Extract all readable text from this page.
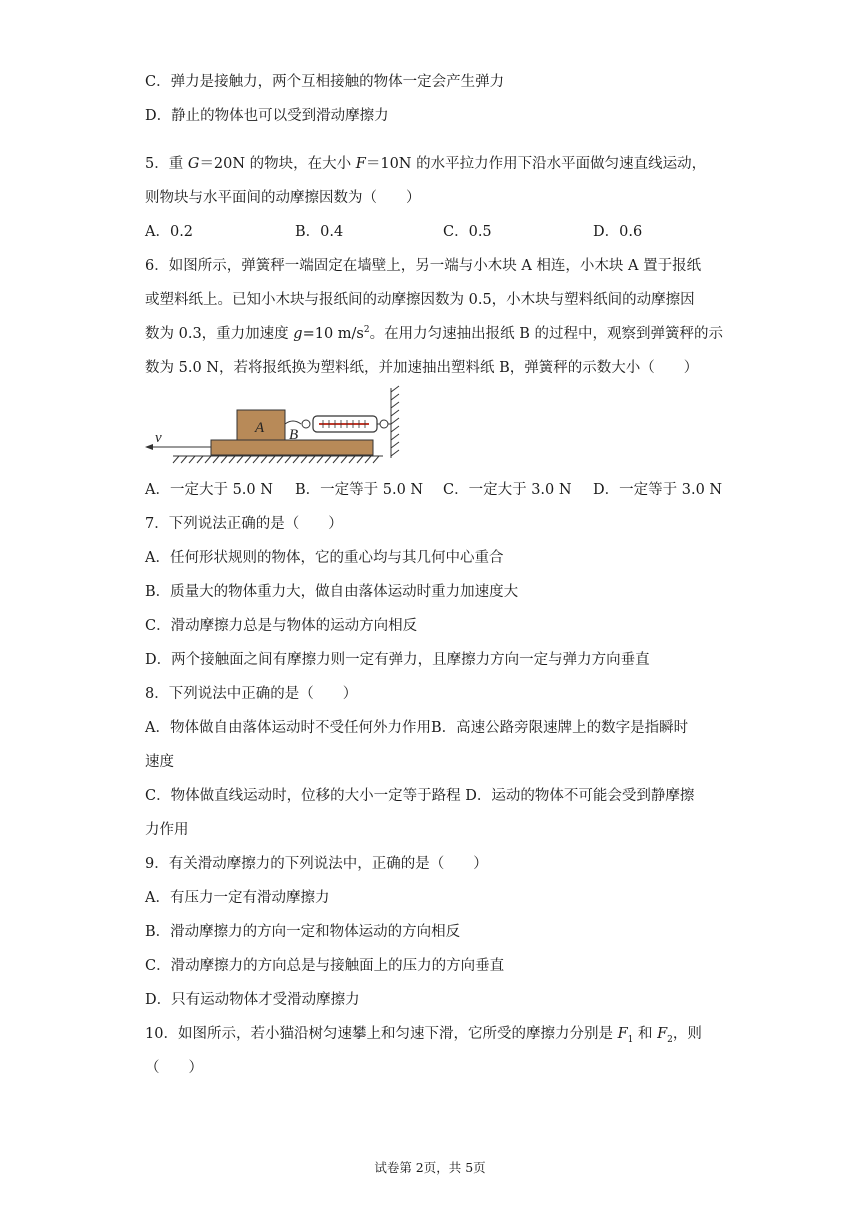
C．弹力是接触力，两个互相接触的物体一定会产生弹力
D．静止的物体也可以受到滑动摩擦力
5．重 G＝20N 的物块，在大小 F＝10N 的水平拉力作用下沿水平面做匀速直线运动，
则物块与水平面间的动摩擦因数为（　　）
A．0.2	B．0.4	C．0.5	D．0.6
6．如图所示，弹簧秤一端固定在墙壁上，另一端与小木块 A 相连，小木块 A 置于报纸
或塑料纸上。已知小木块与报纸间的动摩擦因数为 0.5，小木块与塑料纸间的动摩擦因
数为 0.3，重力加速度 g=10 $m/s^2$。在用力匀速抽出报纸 B 的过程中，观察到弹簧秤的示
数为 5.0 N，若将报纸换为塑料纸，并加速抽出塑料纸 B，弹簧秤的示数大小（　　）
A B
v
A．一定大于 5.0 N B．一定等于 5.0 N C．一定大于 3.0 N D．一定等于 3.0 N
7．下列说法正确的是（　　）
A．任何形状规则的物体，它的重心均与其几何中心重合
B．质量大的物体重力大，做自由落体运动时重力加速度大
C．滑动摩擦力总是与物体的运动方向相反
D．两个接触面之间有摩擦力则一定有弹力，且摩擦力方向一定与弹力方向垂直
8．下列说法中正确的是（　　）
A．物体做自由落体运动时不受任何外力作用B．高速公路旁限速牌上的数字是指瞬时
速度
C．物体做直线运动时，位移的大小一定等于路程 D．运动的物体不可能会受到静摩擦
力作用
9．有关滑动摩擦力的下列说法中，正确的是（　　）
A．有压力一定有滑动摩擦力
B．滑动摩擦力的方向一定和物体运动的方向相反
C．滑动摩擦力的方向总是与接触面上的压力的方向垂直
D．只有运动物体才受滑动摩擦力
10．如图所示，若小猫沿树匀速攀上和匀速下滑，它所受的摩擦力分别是 $F_1$ 和 $F_2$，则
（　　）
试卷第 2页，共 5页
